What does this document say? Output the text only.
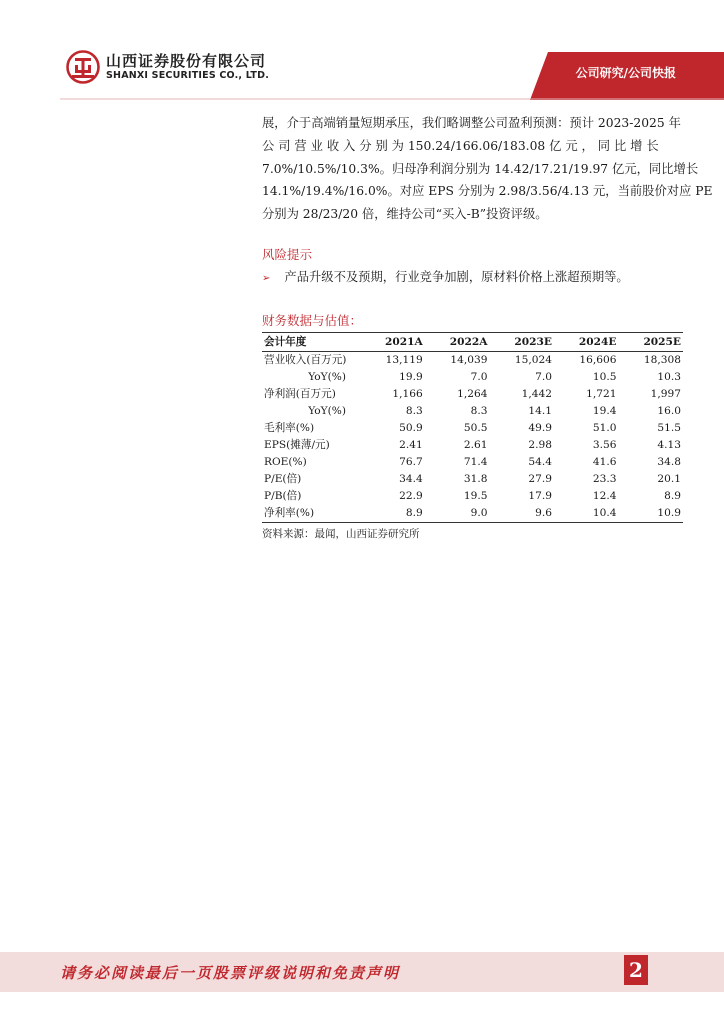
山西证券股份有限公司
SHANXI SECURITIES CO., LTD.	公司研究/公司快报
展，介于高端销量短期承压，我们略调整公司盈利预测：预计 2023-2025 年
公 司 营 业 收 入 分 别 为 150.24/166.06/183.08 亿 元 ， 同 比 增 长
7.0%/10.5%/10.3%。归母净利润分别为 14.42/17.21/19.97 亿元，同比增长
14.1%/19.4%/16.0%。对应 EPS 分别为 2.98/3.56/4.13 元，当前股价对应 PE
分别为 28/23/20 倍，维持公司“买入-B”投资评级。
风险提示
➢ 产品升级不及预期，行业竞争加剧，原材料价格上涨超预期等。
财务数据与估值：
会计年度	2021A	2022A	2023E	2024E	2025E
营业收入(百万元)	13,119	14,039	15,024	16,606	18,308
YoY(%)	19.9	7.0	7.0	10.5	10.3
净利润(百万元)	1,166	1,264	1,442	1,721	1,997
YoY(%)	8.3	8.3	14.1	19.4	16.0
毛利率(%)	50.9	50.5	49.9	51.0	51.5
EPS(摊薄/元)	2.41	2.61	2.98	3.56	4.13
ROE(%)	76.7	71.4	54.4	41.6	34.8
P/E(倍)	34.4	31.8	27.9	23.3	20.1
P/B(倍)	22.9	19.5	17.9	12.4	8.9
净利率(%)	8.9	9.0	9.6	10.4	10.9
资料来源：最闻，山西证券研究所
请务必阅读最后一页股票评级说明和免责声明	2
